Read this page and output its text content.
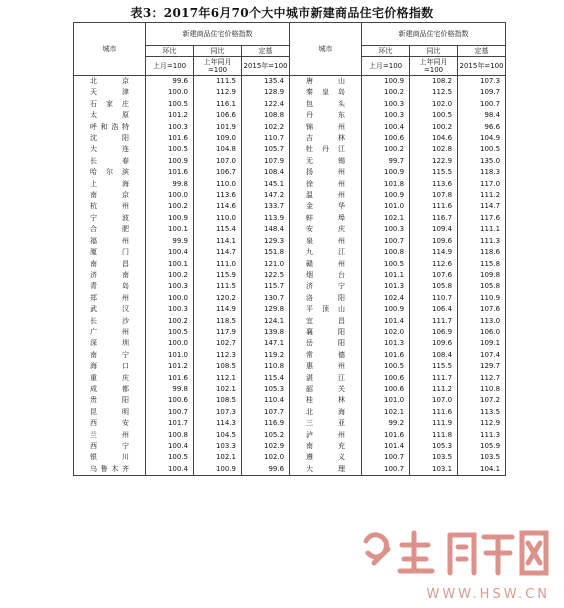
表3：2017年6月70个大中城市新建商品住宅价格指数
城市	新建商品住宅价格指数			城市	新建商品住宅价格指数		
	环比	同比	定基		环比	同比	定基
	上月=100	上年同月=100	2015年=100		上月=100	上年同月=100	2015年=100
北京	99.6	111.5	135.4	唐山	100.9	108.2	107.3
天津	100.0	112.9	128.9	秦皇岛	100.2	112.5	109.7
石家庄	100.5	116.1	122.4	包头	100.3	102.0	100.7
太原	101.2	106.6	108.8	丹东	100.3	100.5	98.4
呼和浩特	100.3	101.9	102.2	锦州	100.4	100.2	96.6
沈阳	101.6	109.0	110.7	吉林	100.6	104.6	104.9
大连	100.5	104.8	105.7	牡丹江	100.2	102.8	100.5
长春	100.9	107.0	107.9	无锡	99.7	122.9	135.0
哈尔滨	101.6	106.7	108.4	扬州	100.9	115.5	118.3
上海	99.8	110.0	145.1	徐州	101.8	113.6	117.0
南京	100.0	113.6	147.2	温州	100.9	107.8	111.2
杭州	100.2	114.6	133.7	金华	101.0	111.6	114.7
宁波	100.9	110.0	113.9	蚌埠	102.1	116.7	117.6
合肥	100.1	115.4	148.4	安庆	100.3	109.4	111.1
福州	99.9	114.1	129.3	泉州	100.7	109.6	111.3
厦门	100.4	114.7	151.8	九江	100.8	114.9	118.6
南昌	100.1	111.0	121.0	赣州	100.5	112.6	115.8
济南	100.2	115.9	122.5	烟台	101.1	107.6	109.8
青岛	100.3	111.5	115.7	济宁	101.3	105.8	105.8
郑州	100.0	120.2	130.7	洛阳	102.4	110.7	110.9
武汉	100.3	114.9	129.8	平顶山	100.9	106.4	107.6
长沙	100.2	118.5	124.1	宜昌	101.4	111.7	113.0
广州	100.5	117.9	139.8	襄阳	102.0	106.9	106.0
深圳	100.0	102.7	147.1	岳阳	101.3	109.6	109.1
南宁	101.0	112.3	119.2	常德	101.6	108.4	107.4
海口	101.2	108.5	110.8	惠州	100.5	115.5	129.7
重庆	101.6	112.1	115.4	湛江	100.6	111.7	112.7
成都	99.8	102.1	105.3	韶关	100.6	111.2	110.8
贵阳	100.6	108.5	110.4	桂林	101.0	107.0	107.2
昆明	100.7	107.3	107.7	北海	102.1	111.6	113.5
西安	101.7	114.3	116.9	三亚	99.2	111.9	112.9
兰州	100.8	104.5	105.2	泸州	101.6	111.8	111.3
西宁	100.4	103.3	102.9	南充	101.4	105.3	105.9
银川	100.5	102.1	102.0	遵义	100.7	103.5	103.5
乌鲁木齐	100.4	100.9	99.6	大理	100.7	103.1	104.1
WWW.HSW.CN
